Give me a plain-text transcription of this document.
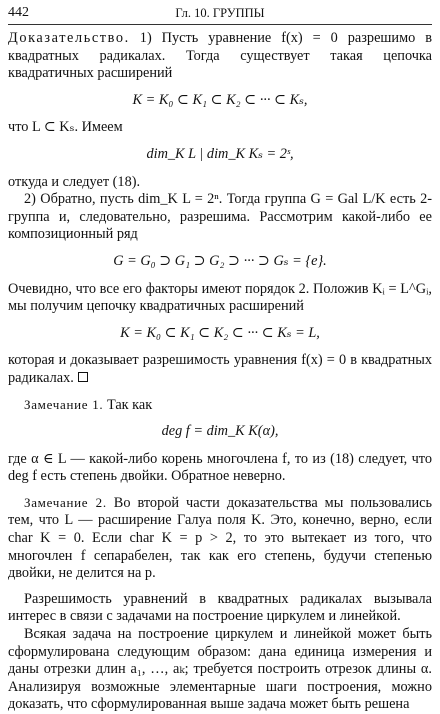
442	Гл. 10. ГРУППЫ

Доказательство. 1) Пусть уравнение f(x) = 0 разрешимо в квадратных радикалах. Тогда существует такая цепочка квадратичных расширений

K = K₀ ⊂ K₁ ⊂ K₂ ⊂ ··· ⊂ Kₛ,

что L ⊂ Kₛ. Имеем

dim_K L | dim_K Kₛ = 2ˢ,

откуда и следует (18).

2) Обратно, пусть dim_K L = 2ⁿ. Тогда группа G = Gal L/K есть 2-группа и, следовательно, разрешима. Рассмотрим какой-либо ее композиционный ряд

G = G₀ ⊃ G₁ ⊃ G₂ ⊃ ··· ⊃ Gₛ = {e}.

Очевидно, что все его факторы имеют порядок 2. Положив Kᵢ = L^Gᵢ, мы получим цепочку квадратичных расширений

K = K₀ ⊂ K₁ ⊂ K₂ ⊂ ··· ⊂ Kₛ = L,

которая и доказывает разрешимость уравнения f(x) = 0 в квадратных радикалах.

Замечание 1. Так как

deg f = dim_K K(α),

где α ∈ L — какой-либо корень многочлена f, то из (18) следует, что deg f есть степень двойки. Обратное неверно.

Замечание 2. Во второй части доказательства мы пользовались тем, что L — расширение Галуа поля K. Это, конечно, верно, если char K = 0. Если char K = p > 2, то это вытекает из того, что многочлен f сепарабелен, так как его степень, будучи степенью двойки, не делится на p.

Разрешимость уравнений в квадратных радикалах вызывала интерес в связи с задачами на построение циркулем и линейкой.

Всякая задача на построение циркулем и линейкой может быть сформулирована следующим образом: дана единица измерения и даны отрезки длин a₁, …, aₖ; требуется построить отрезок длины α. Анализируя возможные элементарные шаги построения, можно доказать, что сформулированная выше задача может быть решена
